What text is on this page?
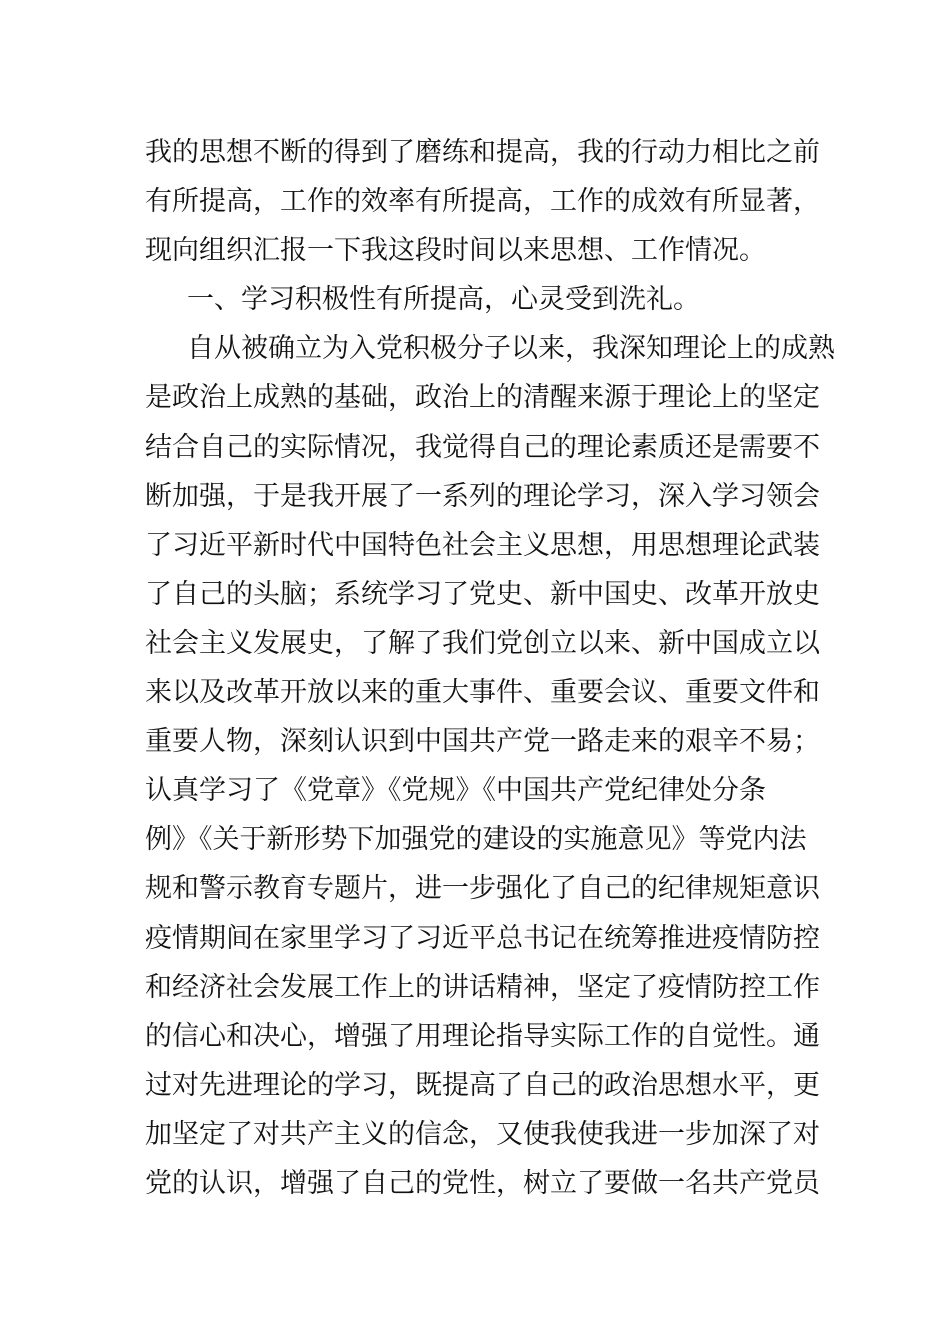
我的思想不断的得到了磨练和提高，我的行动力相比之前
有所提高，工作的效率有所提高，工作的成效有所显著，
现向组织汇报一下我这段时间以来思想、工作情况。
一、学习积极性有所提高，心灵受到洗礼。
自从被确立为入党积极分子以来，我深知理论上的成熟
是政治上成熟的基础，政治上的清醒来源于理论上的坚定
结合自己的实际情况，我觉得自己的理论素质还是需要不
断加强，于是我开展了一系列的理论学习，深入学习领会
了习近平新时代中国特色社会主义思想，用思想理论武装
了自己的头脑；系统学习了党史、新中国史、改革开放史
社会主义发展史，了解了我们党创立以来、新中国成立以
来以及改革开放以来的重大事件、重要会议、重要文件和
重要人物，深刻认识到中国共产党一路走来的艰辛不易；
认真学习了《党章》《党规》《中国共产党纪律处分条
例》《关于新形势下加强党的建设的实施意见》等党内法
规和警示教育专题片，进一步强化了自己的纪律规矩意识
疫情期间在家里学习了习近平总书记在统筹推进疫情防控
和经济社会发展工作上的讲话精神，坚定了疫情防控工作
的信心和决心，增强了用理论指导实际工作的自觉性。通
过对先进理论的学习，既提高了自己的政治思想水平，更
加坚定了对共产主义的信念，又使我使我进一步加深了对
党的认识，增强了自己的党性，树立了要做一名共产党员
